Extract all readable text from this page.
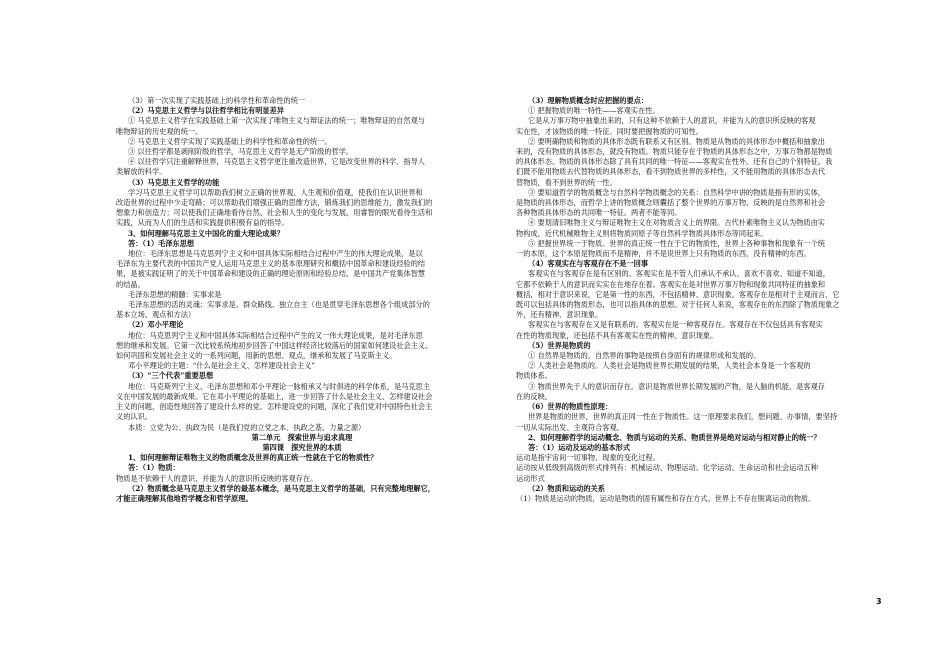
（3）第一次实现了实践基础上的科学性和革命性的统一
（2）马克思主义哲学与以往哲学相比有明显差异
① 马克思主义哲学在实践基础上第一次实现了唯物主义与辩证法的统一；唯物辩证的自然观与
唯物辩证的历史观的统一。
② 马克思主义哲学实现了实践基础上的科学性和革命性的统一。
③ 以往哲学都是剥削阶级的哲学，马克思主义哲学是无产阶级的哲学。
④ 以往哲学只注重解释世界，马克思主义哲学更注重改造世界，它是改变世界的科学、指导人
类解放的科学。
（3）马克思主义哲学的功能
学习马克思主义哲学可以帮助我们树立正确的世界观、人生观和价值观，使我们在认识世界和
改造世界的过程中少走弯路；可以帮助我们增强正确的思维方法，锻炼我们的思维能力，激发我们的
想象力和创造力；可以使我们正确地看待自然、社会和人生的变化与发展，用睿智的眼光看待生活和
实践，从而为人们的生活和实践提供积极有益的指导。
3、如何理解马克思主义中国化的重大理论成果？
答：（1）毛泽东思想
地位：毛泽东思想是马克思列宁主义和中国具体实际相结合过程中产生的伟大理论成果，是以
毛泽东为主要代表的中国共产党人运用马克思主义的基本原理研究和概括中国革命和建设经验的结
果，是被实践证明了的关于中国革命和建设的正确的理论原则和经验总结，是中国共产党集体智慧
的结晶。
毛泽东思想的精髓：实事求是
毛泽东思想的活的灵魂：实事求是、群众路线、独立自主（也是贯穿毛泽东思想各个组成部分的
基本立场、观点和方法）
（2）邓小平理论
地位：马克思列宁主义和中国具体实际相结合过程中产生的又一伟大理论成果，是对毛泽东思
想的继承和发展。它第一次比较系统地初步回答了中国这样经济比较落后的国家如何建设社会主义、
如何巩固和发展社会主义的一系列问题，用新的思想、观点，继承和发展了马克斯主义。
邓小平理论的主题：“什么是社会主义、怎样建设社会主义”
（3）“三个代表”重要思想
地位：马克斯列宁主义、毛泽东思想和邓小平理论一脉相承又与时俱进的科学体系，是马克思主
义在中国发展的最新成果。它在邓小平理论的基础上，进一步回答了什么是社会主义、怎样建设社会
主义的问题，创造性地回答了建设什么样的党、怎样建设党的问题，深化了我们党对中国特色社会主
义的认识。
本质：立党为公、执政为民（是我们党的立党之本、执政之基、力量之源）
第二单元　探索世界与追求真理
第四课　探究世界的本质
1、如何理解辩证唯物主义的物质概念及世界的真正统一性就在于它的物质性？
答：（1）物质：
物质是不依赖于人的意识，并能为人的意识所反映的客观存在。
（2）物质概念是马克思主义哲学的最基本概念，是马克思主义哲学的基础，只有完整地理解它，
才能正确理解其他地哲学概念和哲学原理。
（3）理解物质概念时应把握的要点：
① 把握物质的唯一特性——客观实在性。
它是从万事万物中抽象出来的，只有这种不依赖于人的意识，并能为人的意识所反映的客观
实在性，才该物质的唯一特征。同时要把握物质的可知性。
② 要明确物质和物质的具体形态既有联系又有区别。物质是从物质的具体形态中概括和抽象出
来的，没有物质的具体形态，就没有物质。物质只能存在于物质的具体形态之中，万事万物都是物质
的具体形态。物质的具体形态除了具有共同的唯一特征——客观实在性外，还有自己的个别特征，我
们既不能用物质去代替物质的具体形态，看不到物质世界的多样性，又不能用物质的具体形态去代
替物质，看不到世界的统一性。
③ 要知道哲学的物质概念与自然科学物质概念的关系：自然科学中讲的物质是指有形的实体，
是物质的具体形态，而哲学上讲的物质概念则囊括了整个世界的万事万物，反映的是自然界和社会
各种物质具体形态的共同唯一特征。两者不能等同。
④ 要划清旧唯物主义与辩证唯物主义在对物质含义上的界限。古代朴素唯物主义认为物质由实
物构成，近代机械唯物主义则将物质同原子等自然科学物质具体形态等同起来。
⑤ 把握世界统一于物质。世界的真正统一性在于它的物质性，世界上各种事物和现象有一个统
一的本原，这个本原是物质而不是精神，并不是说世界上只有物质的东西，没有精神的东西。
（4）客观实在与客观存在不是一回事
客观实在与客观存在是有区别的。客观实在是不管人们承认不承认、喜欢不喜欢、知道不知道，
它都不依赖于人的意识而实实在在地存在着。客观实在是对世界万事万物和现象共同特征的抽象和
概括，相对于意识来说，它是第一性的东西，不包括精神、意识现象。客观存在是相对于主观而言，它
既可以包括具体的物质形态，也可以指具体的思想。对于任何人来说，客观存在的东西除了物质现象之
外，还有精神、意识现象。
客观实在与客观存在又是有联系的。客观实在是一种客观存在。客观存在不仅包括具有客观实
在性的物质现象，还包括不具有客观实在性的精神、意识现象。
（5）世界是物质的
① 自然界是物质的。自然界的事物是按照自身固有的规律形成和发展的。
② 人类社会是物质的。人类社会是物质世界长期发展的结果，人类社会本身是一个客观的
物质体系。
③ 物质世界先于人的意识而存在。意识是物质世界长期发展的产物，是人脑的机能，是客观存
在的反映。
（6）世界的物质性原理：
世界是物质的世界，世界的真正同一性在于物质性。这一原理要求我们，想问题、办事情，要坚持
一切从实际出发、主观符合客观。
2、如何理解哲学的运动概念、物质与运动的关系、物质世界是绝对运动与相对静止的统一？
答：（1）运动及运动的基本形式
运动是指宇宙间一切事物、现象的变化过程。
运动按从低级到高级的形式排列有：机械运动、物理运动、化学运动、生命运动和社会运动五种
运动形式
（2）物质和运动的关系
（1）物质是运动的物质，运动是物质的固有属性和存在方式。世界上不存在脱离运动的物质。
3
